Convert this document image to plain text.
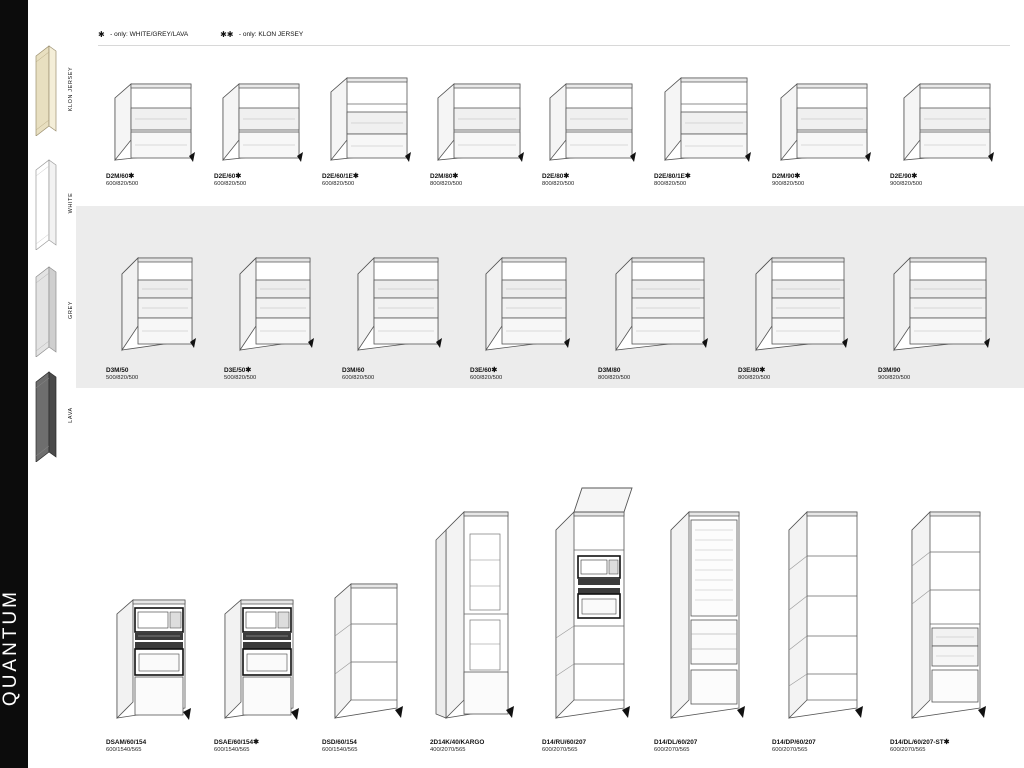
QUANTUM
KLON JERSEY
WHITE
GREY
LAVA
✱ - only: WHITE/GREY/LAVA	✱✱ - only: KLON JERSEY
D2M/60✱
600/820/500
D2E/60✱
600/820/500
D2E/60/1E✱
600/820/500
D2M/80✱
800/820/500
D2E/80✱
800/820/500
D2E/80/1E✱
800/820/500
D2M/90✱
900/820/500
D2E/90✱
900/820/500
D3M/50
500/820/500
D3E/50✱
500/820/500
D3M/60
600/820/500
D3E/60✱
600/820/500
D3M/80
800/820/500
D3E/80✱
800/820/500
D3M/90
900/820/500
DSAM/60/154
600/1540/565
DSAE/60/154✱
600/1540/565
DSD/60/154
600/1540/565
2D14K/40/KARGO
400/2070/565
D14/RU/60/207
600/2070/565
D14/DL/60/207
600/2070/565
D14/DP/60/207
600/2070/565
D14/DL/60/207-ST✱
600/2070/565
